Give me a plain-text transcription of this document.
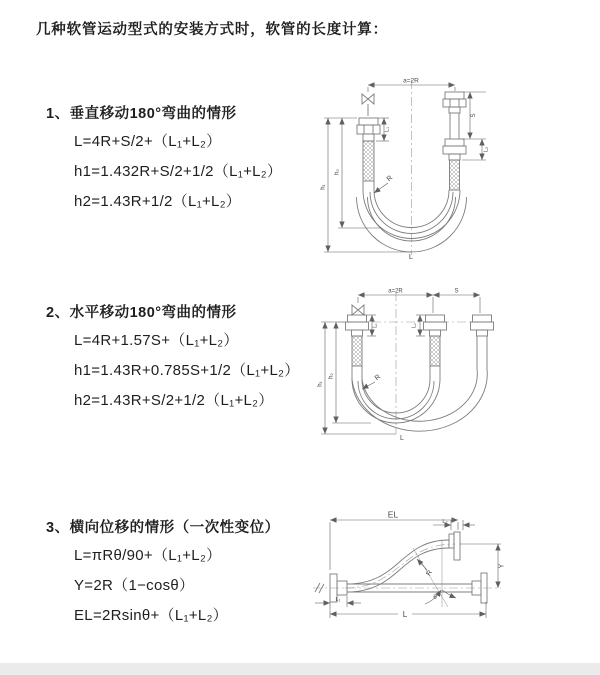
几种软管运动型式的安装方式时，软管的长度计算：
1、垂直移动180°弯曲的情形
L=4R+S/2+（L₁+L₂）
h1=1.432R+S/2+1/2（L₁+L₂）
h2=1.43R+1/2（L₁+L₂）
2、水平移动180°弯曲的情形
L=4R+1.57S+（L₁+L₂）
h1=1.43R+0.785S+1/2（L₁+L₂）
h2=1.43R+S/2+1/2（L₁+L₂）
3、横向位移的情形（一次性变位）
L=πRθ/90+（L₁+L₂）
Y=2R（1−cosθ）
EL=2Rsinθ+（L₁+L₂）
a=2R
L₁
S
L₂
h₁
h₂
R
L
a=2R	S
L₁	L₂
h₁
h₂	R
L
EL
L₂
Y
R
θ
L
L₁
